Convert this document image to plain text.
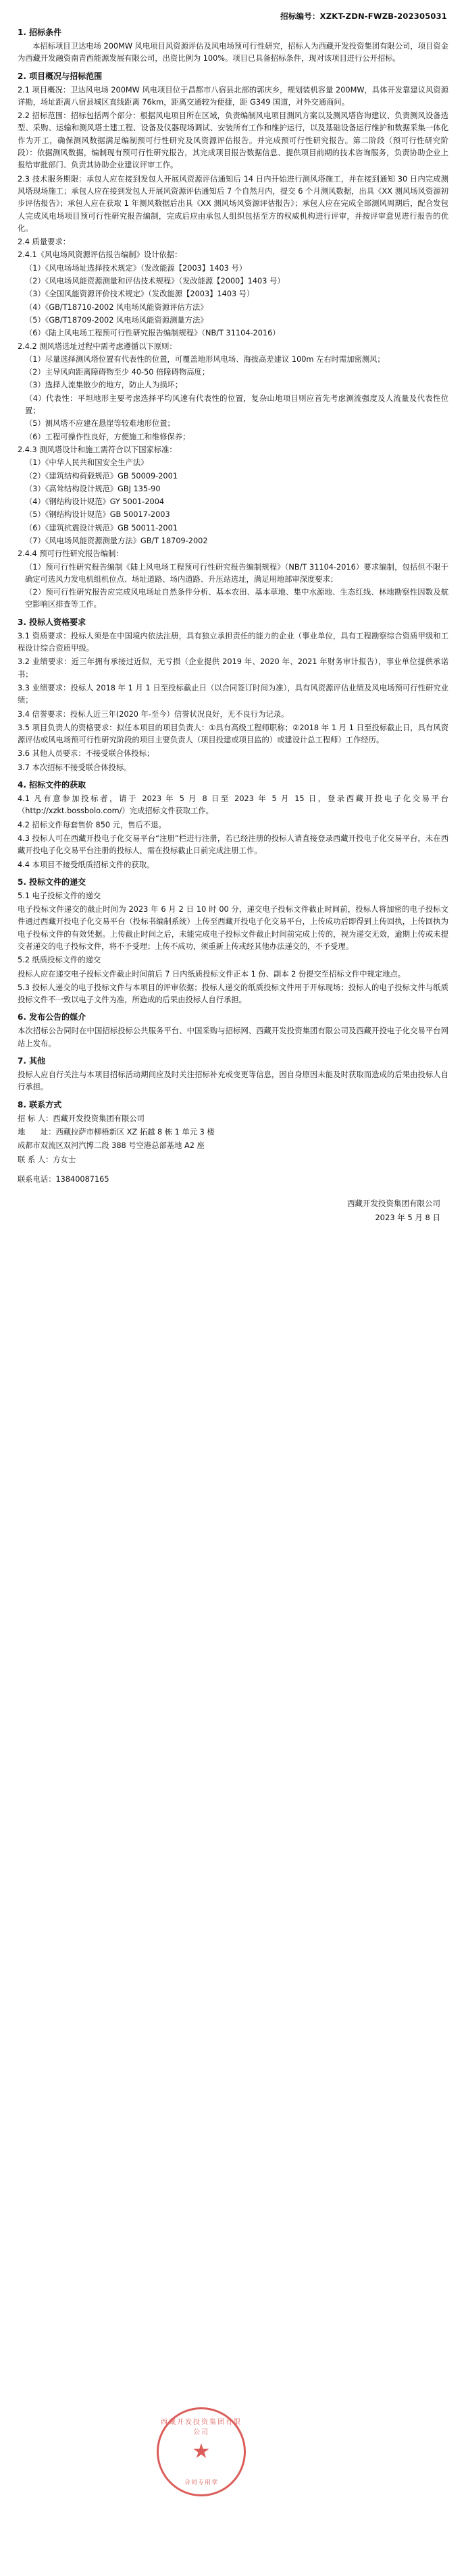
招标编号：XZKT-ZDN-FWZB-202305031
1. 招标条件

本招标项目卫达电场 200MW 风电项目风资源评估及风电场预可行性研究，招标人为西藏开发投资集团有限公司，项目资金为西藏开发融资南青西能源发展有限公司，出资比例为 100%。项目已具备招标条件，现对该项目进行公开招标。

2. 项目概况与招标范围

2.1 项目概况：卫达风电场 200MW 风电项目位于昌都市八宿县北部的郭庆乡，规划装机容量 200MW，具体开发靠建议风资源详勘，场址距离八宿县城区直线距离 76km，距离交通较为便捷，距 G349 国道，对外交通商问。

2.2 招标范围：招标包括两个部分：根据风电项目所在区域，负责编制风电项目测风方案以及测风塔咨询建议、负责测风设备选型、采购、运输和测风塔土建工程、设备及仪器现场调试、安装所有工作和维护运行，以及基础设备运行维护和数据采集一体化作为开工，确保测风数据满足编制预可行性研究及风资源评估报告。并完成预可行性研究报告。第二阶段（预可行性研究阶段）：依据测风数据，编制现有预可行性研究报告，其完成项目报告数据信息、提供项目前期的技术咨询服务，负责协助企业上报给审批部门、负责其协助企业建议评审工作。

2.3 技术服务期限：承包人应在接到发包人开展风资源评估通知后 14 日内开始进行测风塔施工，并在接到通知 30 日内完成测风塔现场施工；承包人应在接到发包人开展风资源评估通知后 7 个自然月内，提交 6 个月测风数据，出具《XX 测风场风资源初步评估报告》；承包人应在获取 1 年测风数据后出具《XX 测风场风资源评估报告》；承包人应在完成全部测风周期后，配合发包人完成风电场项目预可行性研究报告编制，完成后应由承包人组织包括至方的权威机构进行评审，并按评审意见进行报告的优化。

2.4 质量要求：

2.4.1《风电场风资源评估报告编制》设计依据：

（1）《风电场场址选择技术规定》（发改能源【2003】1403 号）

（2）《风电场风能资源测量和评估技术规程》（发改能源【2000】1403 号）

（3）《全国风能资源评价技术规定》（发改能源【2003】1403 号）

（4）《GB/T18710-2002 风电场风能资源评估方法》

（5）《GB/T18709-2002 风电场风能资源测量方法》

（6）《陆上风电场工程预可行性研究报告编制规程》（NB/T 31104-2016）

2.4.2 测风塔选址过程中需考虑遵循以下原则：

（1）尽量选择测风塔位置有代表性的位置，可覆盖地形风电场、海拔高差建议 100m 左右时需加密测风；

（2）主导风向距离障碍物至少 40-50 倍障碍物高度；

（3）选择人流集散少的地方，防止人为损坏；

（4）代表性：平坦地形主要考虑选择平均风速有代表性的位置，复杂山地项目则应首先考虑测流强度及人流量及代表性位置；

（5）测风塔不应建在悬崖等较难地形位置；

（6）工程可操作性良好，方便施工和维修保养；

2.4.3 测风塔设计和施工需符合以下国家标准：

（1）《中华人民共和国安全生产法》

（2）《建筑结构荷载规范》GB 50009-2001

（3）《高耸结构设计规范》GBJ 135-90

（4）《钢结构设计规范》GY 5001-2004

（5）《钢结构设计规范》GB 50017-2003

（6）《建筑抗震设计规范》GB 50011-2001

（7）《风电场风能资源测量方法》GB/T 18709-2002

2.4.4 预可行性研究报告编制：

（1）预可行性研究报告编制《陆上风电场工程预可行性研究报告编制规程》（NB/T 31104-2016）要求编制，包括但不限于确定可选风力发电机组机位点、场址道路、场内道路、升压站选址，满足用地部审深度要求；

（2）预可行性研究报告应完成风电场址自然条件分析、基本农田、基本草地、集中水源地、生态红线、林地勘察性因数及航空影响区排查等工作。

3. 投标人资格要求

3.1 资质要求：投标人须是在中国境内依法注册，具有独立承担责任的能力的企业（事业单位，具有工程勘察综合资质甲级和工程设计综合资质甲级。

3.2 业绩要求：近三年拥有承接过近似，无亏损（企业提供 2019 年、2020 年、2021 年财务审计报告），事业单位提供承诺书；

3.3 业绩要求：投标人 2018 年 1 月 1 日至投标截止日（以合同签订时间为准），具有风资源评估业绩及风电场预可行性研究业绩；

3.4 信誉要求：投标人近三年(2020 年-至今）信誉状况良好，无不良行为记录。

3.5 项目负责人的资格要求：拟任本项目的项目负责人：①具有高级工程师职称；②2018 年 1 月 1 日至投标截止日，具有风资源评估或风电场预可行性研究阶段的项目主要负责人（项目投建或项目监的）或建设计总工程师）工作经历。

3.6 其他人员要求：不接受联合体投标；

3.7 本次招标不接受联合体投标。

4. 招标文件的获取

4.1 凡有意参加投标者，请于 2023 年 5 月 8 日至 2023 年 5 月 15 日，登录西藏开投电子化交易平台（http://xzkt.bossbolo.com/）完成招标文件获取工作。

4.2 招标文件每套售价 850 元，售后不退。

4.3 投标人可在西藏开投电子化交易平台“注册”栏进行注册，若已经注册的投标人请直接登录西藏开投电子化交易平台，未在西藏开投电子化交易平台注册的投标人，需在投标截止日前完成注册工作。

4.4 本项目不接受纸质招标文件的获取。

5. 投标文件的递交

5.1 电子投标文件的递交

电子投标文件递交的截止时间为 2023 年 6 月 2 日 10 时 00 分，递交电子投标文件截止时间前，投标人将加密的电子投标文件通过西藏开投电子化交易平台（投标书编制系统）上传至西藏开投电子化交易平台，上传成功后即得到上传回执，上传回执为电子投标文件的有效凭据。上传截止时间之后，未能完成电子投标文件截止时间前完成上传的，视为递交无效，逾期上传或未提交者递交的电子投标文件，将不予受理；上传不成功，须重新上传或经其他办法递交的，不予受理。

5.2 纸质投标文件的递交

投标人应在递交电子投标文件截止时间前后 7 日内纸质投标文件正本 1 份、副本 2 份提交至招标文件中规定地点。

5.3 投标人递交的电子投标文件与本项目的评审依据；投标人递交的纸质投标文件用于开标现场；投标人的电子投标文件与纸质投标文件不一致以电子文件为准，所造成的后果由投标人自行承担。

6. 发布公告的媒介

本次招标公告同时在中国招标投标公共服务平台、中国采购与招标网、西藏开发投资集团有限公司及西藏开投电子化交易平台网站上发布。

7. 其他

投标人应自行关注与本项目招标活动期间应及时关注招标补充或变更等信息，因自身原因未能及时获取而造成的后果由投标人自行承担。

8. 联系方式

招 标 人：西藏开发投资集团有限公司

地　　址：西藏拉萨市柳梧新区 XZ 拓越 8 栋 1 单元 3 楼

成都市双流区双河汽博二段 388 号空港总部基地 A2 座

联 系 人：方女士

联系电话：13840087165

西藏开发投资集团有限公司
★
合同专用章
西藏开发投资集团有限公司
2023 年 5 月 8 日
